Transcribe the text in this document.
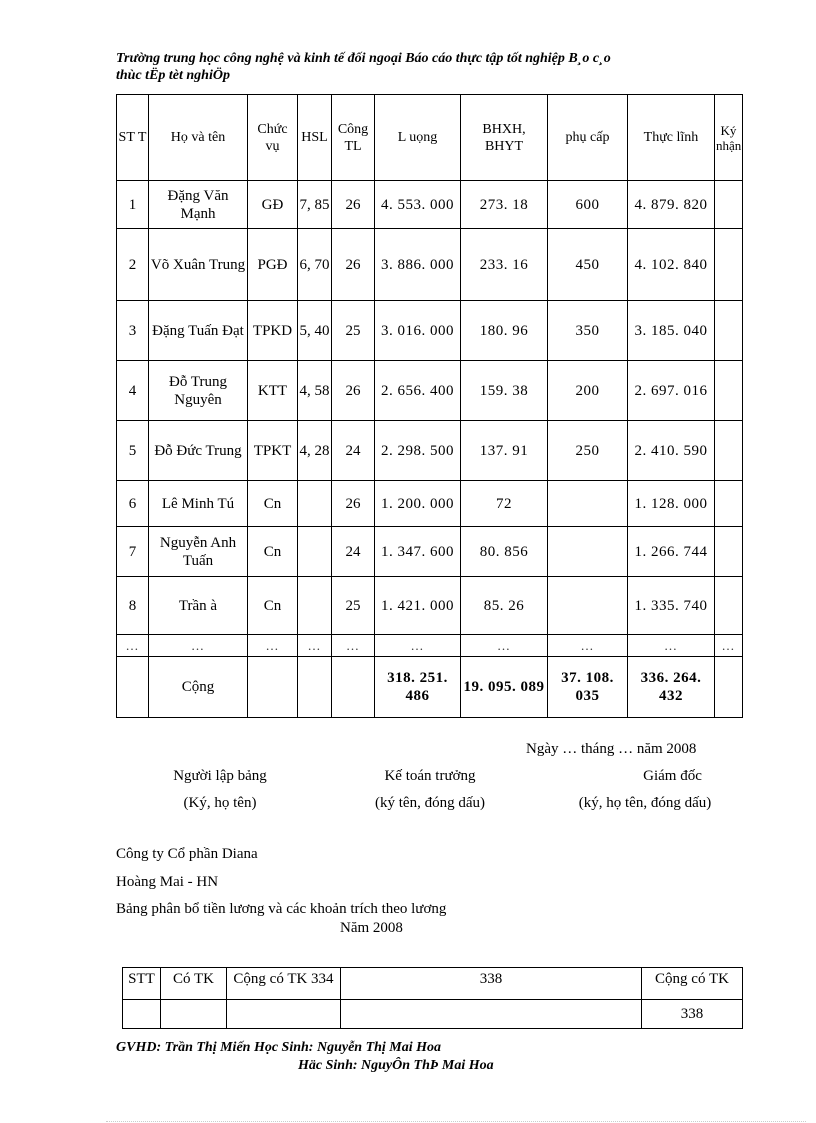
Trường trung học công nghệ và kinh tế đối ngoại Báo cáo thực tập tốt nghiệp B¸o c¸o
thùc tËp tèt nghiÖp
ST T	Họ và tên	Chức vụ	HSL	Công TL	L uọng	BHXH, BHYT	phụ cấp	Thực lĩnh	Ký nhận
1	Đặng Văn Mạnh	GĐ	7, 85	26	4. 553. 000	273. 18	600	4. 879. 820	
2	Võ Xuân Trung	PGĐ	6, 70	26	3. 886. 000	233. 16	450	4. 102. 840	
3	Đặng Tuấn Đạt	TPKD	5, 40	25	3. 016. 000	180. 96	350	3. 185. 040	
4	Đỗ Trung Nguyên	KTT	4, 58	26	2. 656. 400	159. 38	200	2. 697. 016	
5	Đỗ Đức Trung	TPKT	4, 28	24	2. 298. 500	137. 91	250	2. 410. 590	
6	Lê Minh Tú	Cn		26	1. 200. 000	72		1. 128. 000	
7	Nguyễn Anh Tuấn	Cn		24	1. 347. 600	80. 856		1. 266. 744	
8	Trần à	Cn		25	1. 421. 000	85. 26		1. 335. 740	
…	…	…	…	…	…	…	…	…	…
	Cộng				318. 251. 486	19. 095. 089	37. 108. 035	336. 264. 432	
Ngày … tháng … năm 2008
Người lập bảng
(Ký, họ tên)
Kế toán trưởng
(ký tên, đóng dấu)
Giám đốc
(ký, họ tên, đóng dấu)
Công ty Cổ phần Diana
Hoàng Mai - HN
Bảng phân bổ tiền lương và các khoản trích theo lương
Năm 2008
STT	Có TK	Cộng có TK 334	338	Cộng có TK
				338
GVHD: Trần Thị Miến Học Sinh: Nguyễn Thị Mai Hoa
Häc Sinh: NguyÔn ThÞ Mai Hoa
